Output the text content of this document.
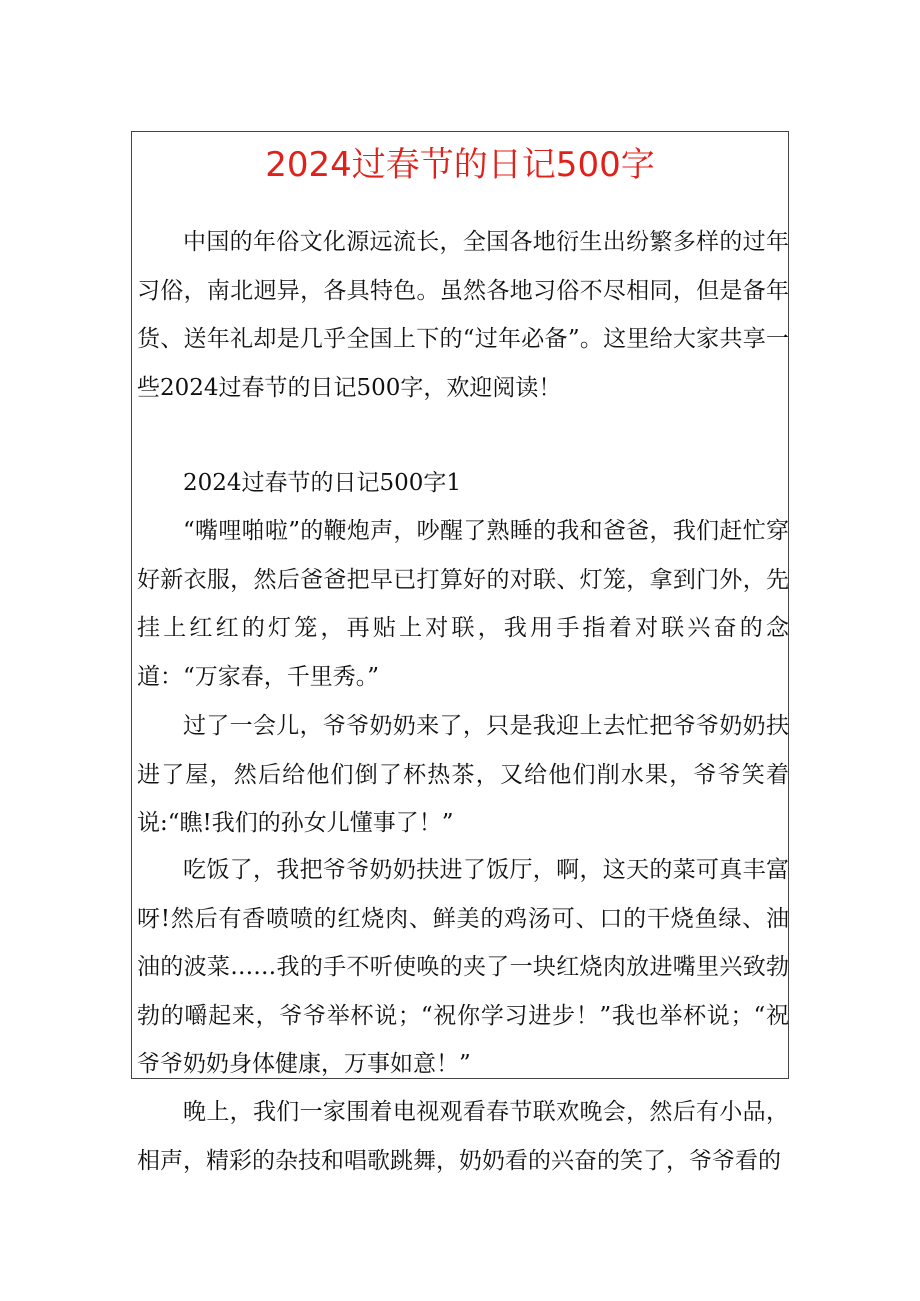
2024过春节的日记500字

中国的年俗文化源远流长，全国各地衍生出纷繁多样的过年习俗，南北迥异，各具特色。虽然各地习俗不尽相同，但是备年货、送年礼却是几乎全国上下的“过年必备”。这里给大家共享一些2024过春节的日记500字，欢迎阅读！

2024过春节的日记500字1

“嘴哩啪啦”的鞭炮声，吵醒了熟睡的我和爸爸，我们赶忙穿好新衣服，然后爸爸把早已打算好的对联、灯笼，拿到门外，先挂上红红的灯笼，再贴上对联，我用手指着对联兴奋的念道：“万家春，千里秀。”

过了一会儿，爷爷奶奶来了，只是我迎上去忙把爷爷奶奶扶进了屋，然后给他们倒了杯热茶，又给他们削水果，爷爷笑着说:“瞧!我们的孙女儿懂事了！”

吃饭了，我把爷爷奶奶扶进了饭厅，啊，这天的菜可真丰富呀!然后有香喷喷的红烧肉、鲜美的鸡汤可、口的干烧鱼绿、油油的波菜……我的手不听使唤的夹了一块红烧肉放进嘴里兴致勃勃的嚼起来，爷爷举杯说；“祝你学习进步！”我也举杯说；“祝爷爷奶奶身体健康，万事如意！”

晚上，我们一家围着电视观看春节联欢晚会，然后有小品，相声，精彩的杂技和唱歌跳舞，奶奶看的兴奋的笑了，爷爷看的
